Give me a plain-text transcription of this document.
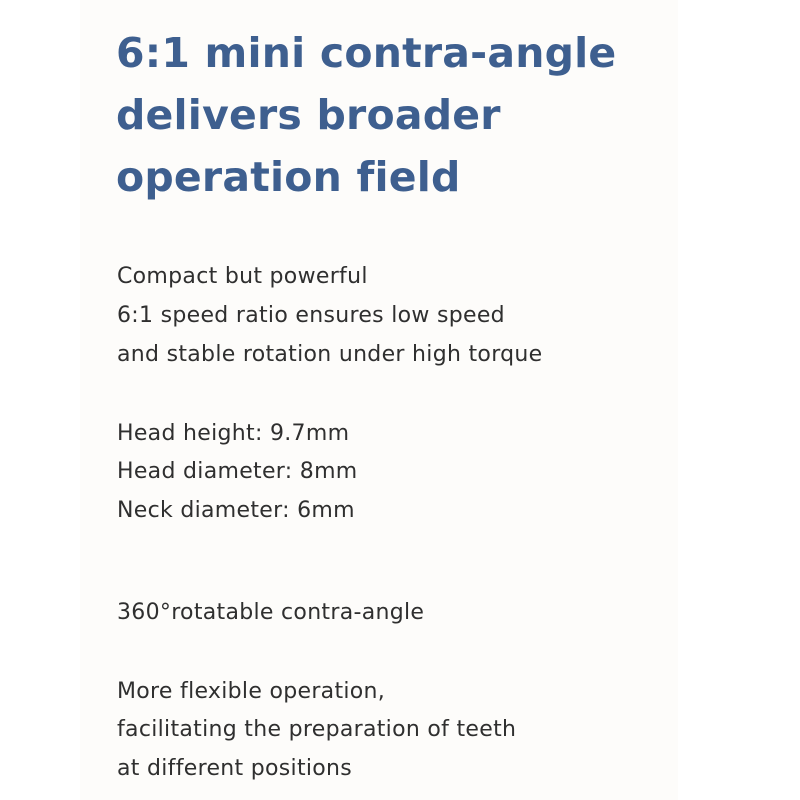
6:1 mini contra-angle
delivers broader
operation field

Compact but powerful

6:1 speed ratio ensures low speed

and stable rotation under high torque

Head height: 9.7mm

Head diameter: 8mm

Neck diameter: 6mm

360°rotatable contra-angle

More flexible operation,

facilitating the preparation of teeth

at different positions
